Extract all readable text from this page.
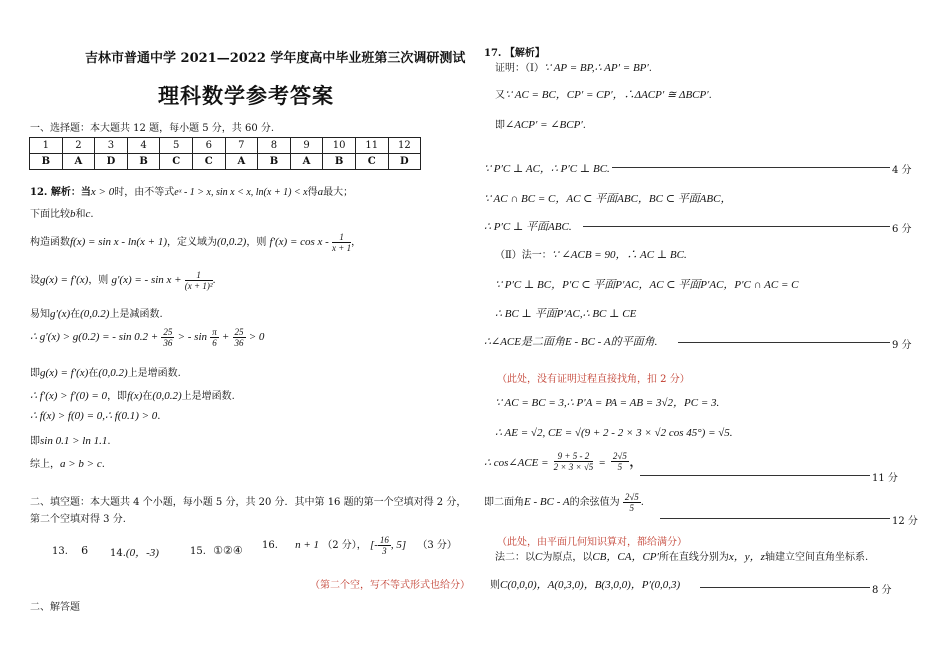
吉林市普通中学 2021—2022 学年度高中毕业班第三次调研测试
理科数学参考答案
一、选择题：本大题共 12 题，每小题 5 分，共 60 分.
1	2	3	4	5	6	7	8	9	10	11	12
B	A	D	B	C	C	A	B	A	B	C	D
12. 解析：当x > 0时，由不等式eˣ - 1 > x, sin x < x, ln(x + 1) < x得a最大；
下面比较b和c.
构造函数f(x) = sin x - ln(x + 1)，定义域为(0,0.2)，则 $f'(x) = \cos x - \frac{1}{x + 1}$ ，
设g(x) = f′(x)，则 g′(x) = - $\sin x + \frac{1}{\text{(x + 1)²}}$ .
易知g′(x)在(0,0.2)上是减函数.
∴ g′(x) > g(0.2) = - $\sin 0.2 + \frac{25}{36}$ > - $\sin \frac{\pi}{6} + \frac{25}{36} > 0$
即g(x) = f′(x)在(0,0.2)上是增函数.
∴ f′(x) > f′(0) = 0，即f(x)在(0,0.2)上是增函数.
∴ f(x) > f(0) = 0,∴ f(0.1) > 0.
即sin 0.1 > ln 1.1.
综上，a > b > c.
二、填空题：本大题共 4 个小题，每小题 5 分，共 20 分．其中第 16 题的第一个空填对得 2 分，
第二个空填对得 3 分.
13. 6 14.(0，-3)	15. ①②④ 16. n + 1 （2 分）， [- $\frac{16}{3}$ , 5] （3 分）
（第二个空，写不等式形式也给分）
二、解答题
17. 【解析】
证明：（Ⅰ）∵ AP = BP,∴ AP′ = BP′.
又∵ AC = BC，CP′ = CP′，∴ΔACP′ ≅ ΔBCP′.
即∠ACP′ = ∠BCP′.
∵ P′C ⊥ AC，∴ P′C ⊥ BC.	4 分
∵ AC ∩ BC = C，AC ⊂ 平面ABC，BC ⊂ 平面ABC，
∴ P′C ⊥ 平面ABC.	6 分
（Ⅱ）法一：∵ ∠ACB = 90，∴ AC ⊥ BC.
∵ P′C ⊥ BC，P′C ⊂ 平面P′AC，AC ⊂ 平面P′AC，P′C ∩ AC = C
∴ BC ⊥ 平面P′AC,∴ BC ⊥ CE
∴∠ACE是二面角E - BC - A的平面角.	9 分
（此处，没有证明过程直接找角，扣 2 分）
∵ AC = BC = 3,∴ P′A = PA = AB = 3√2，PC = 3.
∴ AE = √2, CE = √(9 + 2 - 2 × 3 × √2 cos 45°) = √5.
∴ cos∠ACE = $\frac{9 + 5 - 2}{2 \times 3 \times √5} = \frac{2√5}{5}$ ，
11 分
即二面角E - BC - A的余弦值为 $\frac{2√5}{5}$ .
12 分
（此处，由平面几何知识算对，都给满分）
法二：以C为原点，以CB，CA，CP′所在直线分别为x，y，z轴建立空间直角坐标系.
则C(0,0,0)，A(0,3,0)，B(3,0,0)，P′(0,0,3)	8 分
